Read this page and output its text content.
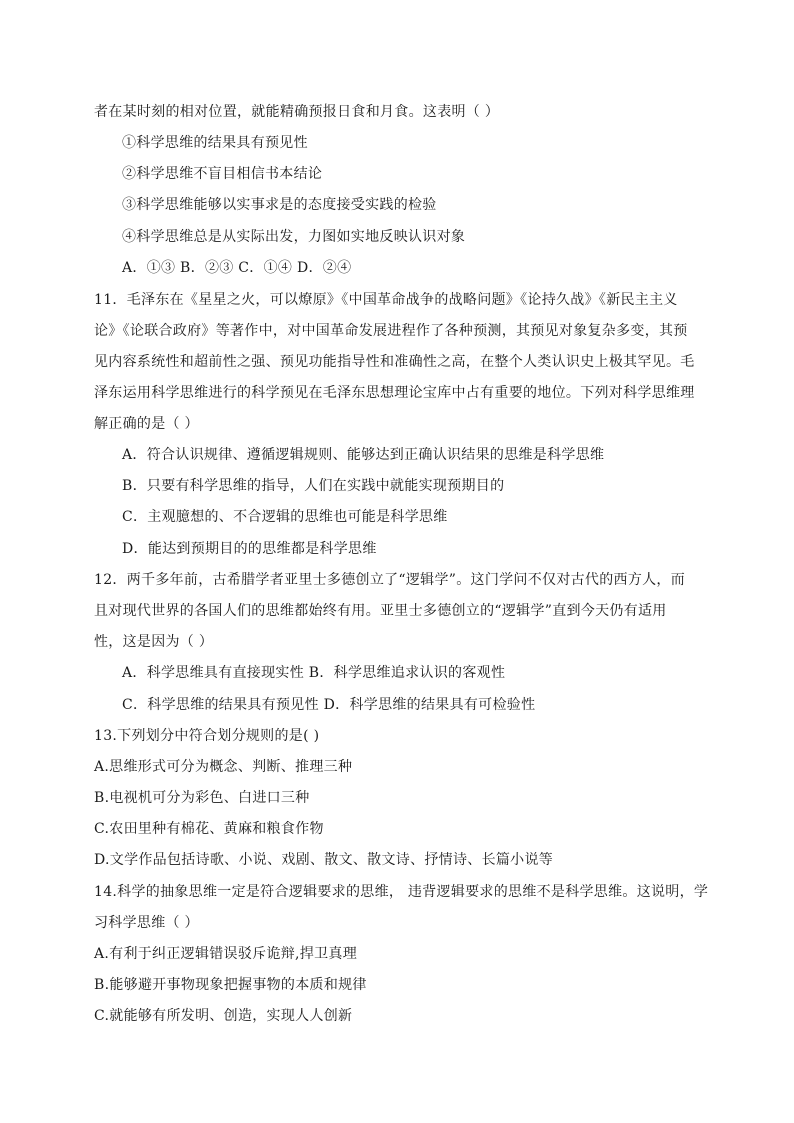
者在某时刻的相对位置，就能精确预报日食和月食。这表明（ ）
①科学思维的结果具有预见性
②科学思维不盲目相信书本结论
③科学思维能够以实事求是的态度接受实践的检验
④科学思维总是从实际出发，力图如实地反映认识对象
A．①③ B．②③ C．①④ D．②④
11．毛泽东在《星星之火，可以燎原》《中国革命战争的战略问题》《论持久战》《新民主主义
论》《论联合政府》等著作中，对中国革命发展进程作了各种预测，其预见对象复杂多变，其预
见内容系统性和超前性之强、预见功能指导性和准确性之高，在整个人类认识史上极其罕见。毛
泽东运用科学思维进行的科学预见在毛泽东思想理论宝库中占有重要的地位。下列对科学思维理
解正确的是（ ）
A．符合认识规律、遵循逻辑规则、能够达到正确认识结果的思维是科学思维
B．只要有科学思维的指导，人们在实践中就能实现预期目的
C．主观臆想的、不合逻辑的思维也可能是科学思维
D．能达到预期目的的思维都是科学思维
12．两千多年前，古希腊学者亚里士多德创立了“逻辑学”。这门学问不仅对古代的西方人，而
且对现代世界的各国人们的思维都始终有用。亚里士多德创立的“逻辑学”直到今天仍有适用
性，这是因为（ ）
A．科学思维具有直接现实性 B．科学思维追求认识的客观性
C．科学思维的结果具有预见性 D．科学思维的结果具有可检验性
13.下列划分中符合划分规则的是( )
A.思维形式可分为概念、判断、推理三种
B.电视机可分为彩色、白进口三种
C.农田里种有棉花、黄麻和粮食作物
D.文学作品包括诗歌、小说、戏剧、散文、散文诗、抒情诗、长篇小说等
14.科学的抽象思维一定是符合逻辑要求的思维， 违背逻辑要求的思维不是科学思维。这说明，学
习科学思维（ ）
A.有利于纠正逻辑错误驳斥诡辩,捍卫真理
B.能够避开事物现象把握事物的本质和规律
C.就能够有所发明、创造，实现人人创新
